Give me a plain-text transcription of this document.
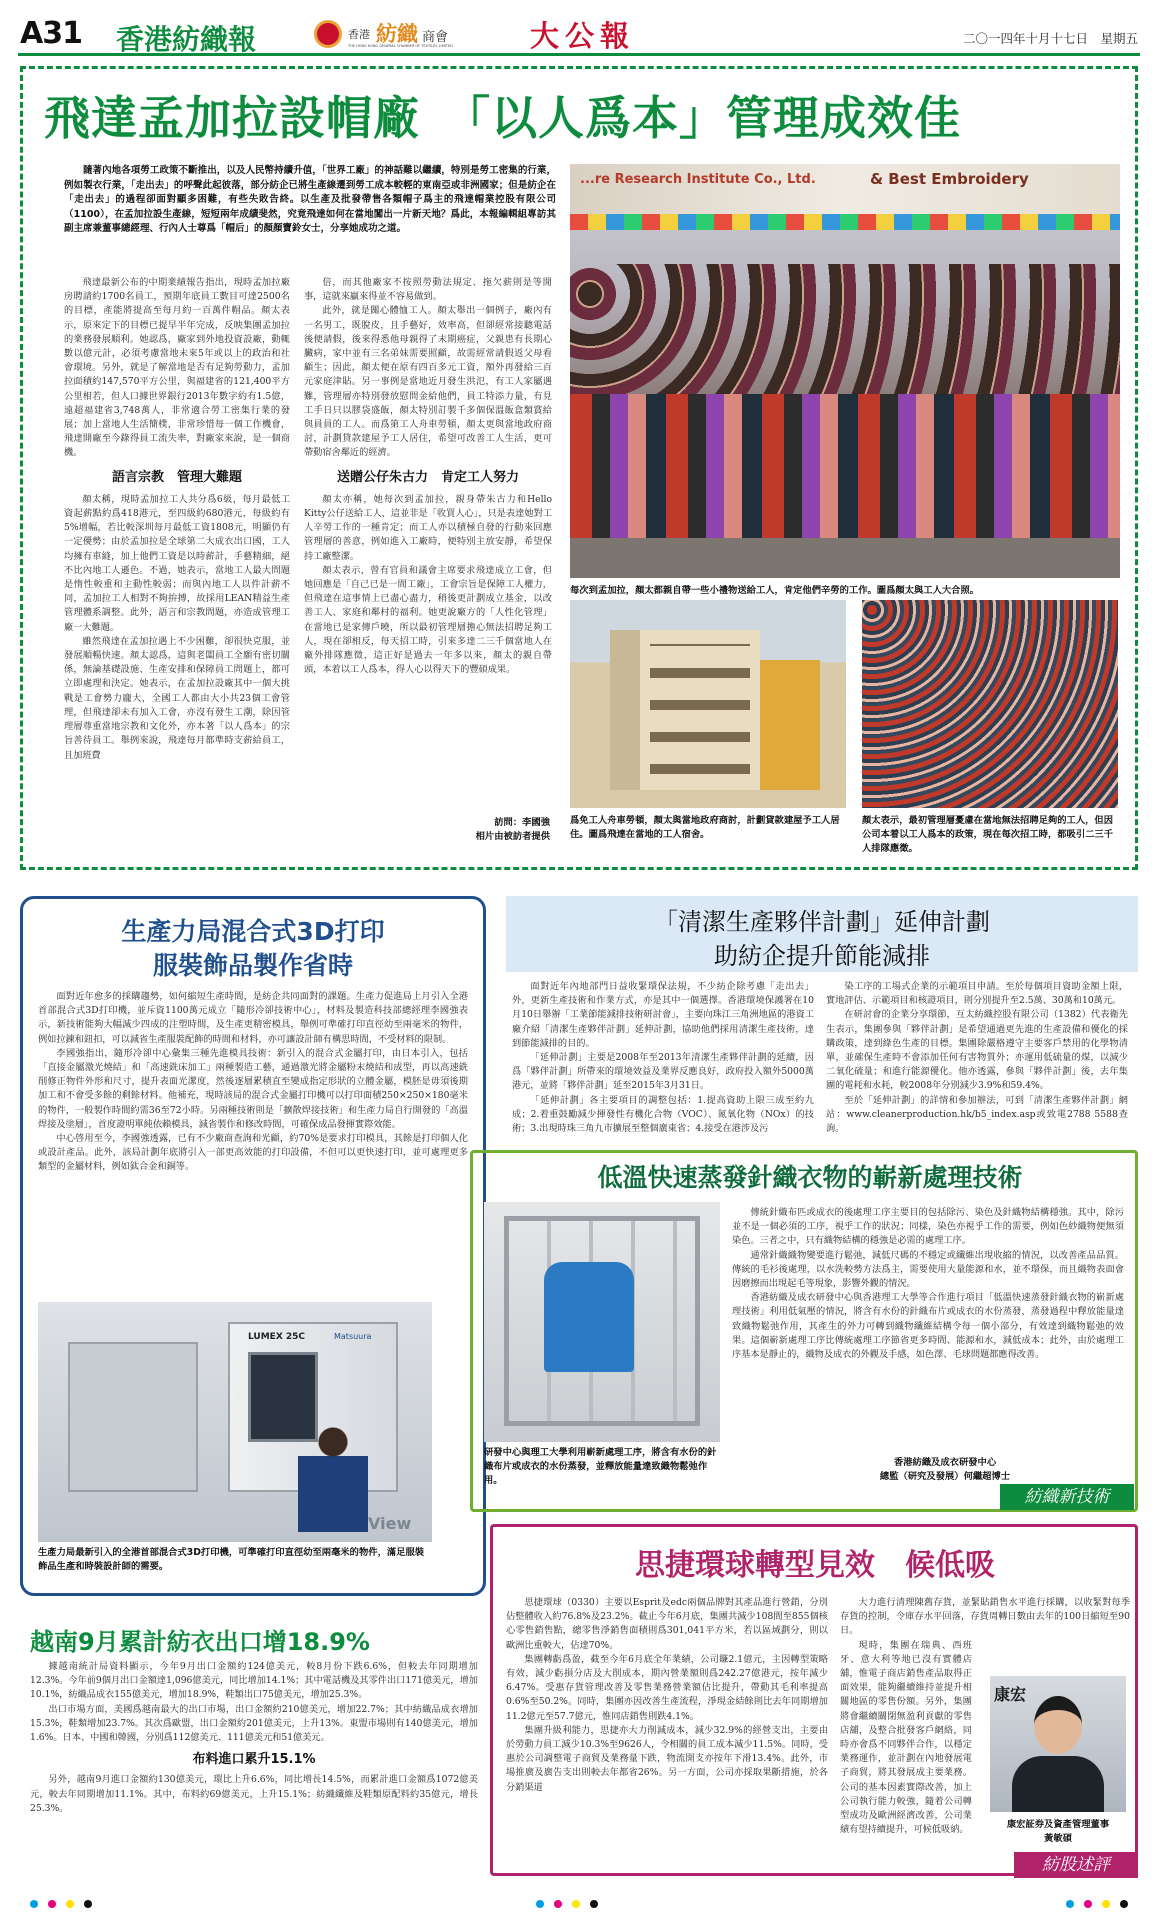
A31 香港紡織報	香港 紡織 商會
THE HONG KONG GENERAL CHAMBER OF TEXTILES LIMITED	大公報	二〇一四年十月十七日　星期五
飛達孟加拉設帽廠　「以人爲本」管理成效佳

隨著內地各項勞工政策不斷推出，以及人民幣持續升值，「世界工廠」的神話難以繼續，特別是勞工密集的行業，例如製衣行業，「走出去」的呼聲此起彼落，部分紡企已將生產線遷到勞工成本較輕的東南亞或非洲國家；但是紡企在「走出去」的過程卻面對顯多困難，有些失敗告終。以生產及批發帶售各類帽子爲主的飛達帽業控股有限公司（1100），在孟加拉設生產線，短短兩年成績斐然，究竟飛達如何在當地闖出一片新天地？爲此，本報編輯組專訪其副主席兼董事總經理、行內人士尊爲「帽后」的顏顏寶鈴女士，分享她成功之道。

飛達最新公布的中期業績報告指出，現時孟加拉廠房聘請約1700名員工，預期年底員工數目可達2500名的目標，產能將提高至每月約一百萬件帽品。顏太表示，原來定下的目標已提早半年完成，反映集團孟加拉的業務發展順利。她認爲，廠家到外地投資設廠，動輒數以億元計，必須考慮當地未來5年或以上的政治和社會環境。另外，就是了解當地是否有足夠勞動力，孟加拉面積約147,570平方公里，與福建省的121,400平方公里相若，但人口據世界銀行2013年數字約有1.5億，遠超福建省3,748萬人，非常適合勞工密集行業的發展；加上當地人生活簡樸，非常珍惜每一個工作機會，飛達開廠至今錄得員工流失率，對廠家來說，是一個商機。

語言宗教　管理大難題

顏太稱，現時孟加拉工人共分爲6級，每月最低工資起薪點約爲418港元，至四級約680港元，每級約有5%增幅，若比較深圳每月最低工資1808元，明顯仍有一定優勢；由於孟加拉是全球第二大成衣出口國，工人均擁有車縫，加上他們工資是以時薪計，手藝精細，絕不比內地工人遜色。不過，她表示，當地工人最大問題是惰性較重和主動性較弱；而與內地工人以件計薪不同，孟加拉工人相對不夠拚搏，故採用LEAN精益生產管理體系調整。此外，語言和宗教問題，亦造成管理工廠一大難題。

雖然飛達在孟加拉遇上不少困難，卻很快克服，並發展順暢快速。顏太認爲，這與老闆員工全願有密切關係，無論基礎設施、生產安排和保障員工問題上，都可立即處理和決定。她表示，在孟加拉設廠其中一個大挑戰是工會勢力龐大，全國工人都由大小共23個工會管理，但飛達卻未有加入工會，亦沒有發生工潮，除因管理層尊重當地宗教和文化外，亦本著「以人爲本」的宗旨善待員工。舉例來說，飛達每月都準時支薪給員工，且加班費

倍，而其他廠家不按照勞動法規定、拖欠薪則是等閒事，這就來贏來得並不容易做到。

此外，就是關心體恤工人。顏太舉出一個例子，廠內有一名男工，既脫皮，且手藝好，效率高，但卻經常接聽電話後便請假，後來得悉他母親得了末期癌症，父親患有長期心臟病，家中並有三名弟妹需要照顧，故需經常請假返父母看顧生；因此，顏太便在原有四百多元工資，額外再發給三百元家庭津貼。另一事例是當地近月發生洪氾，有工人家屬遇難，管理層亦特別發放慰問金給他們，員工特添力量，有見工手日只以膠袋盛飯，顏太特別訂製千多個保溫飯盒類賞給與員員的工人。而爲第工人舟車勞頓，顏太更與當地政府商討，計劃貸款建屋予工人居住，希望可改善工人生活，更可帶動宿舍鄰近的經濟。

送贈公仔朱古力　肯定工人努力

顏太亦稱，她每次到孟加拉，親身帶朱古力和Hello Kitty公仔送給工人，這並非是「收買人心」，只是表達她對工人辛勞工作的一種肯定；而工人亦以積極自發的行動來回應管理層的善意，例如進入工廠時，便特別主放安靜，希望保持工廠整潔。

顏太表示，曾有官員和議會主席要求飛達成立工會，但她回應是「自己已是一間工廠」，工會宗旨是保障工人權力，但飛達在這事情上已盡心盡力，稍後更計劃成立基金，以改善工人、家庭和鄰村的福利。她更說廠方的「人性化管理」在當地已是家傳戶曉，所以最初管理層擔心無法招聘足夠工人，現在卻相反，每天招工時，引來多達二三千個當地人在廠外排隊應徵，這正好是過去一年多以來，顏太的親自帶頭，本着以工人爲本，得人心以得天下的豐碩成果。

訪問：李國強
相片由被訪者提供
...re Research Institute Co., Ltd.	& Best Embroidery
每次到孟加拉，顏太都親自帶一些小禮物送給工人，肯定他們辛勞的工作。圖爲顏太與工人大合照。
爲免工人舟車勞頓，顏太與當地政府商討，計劃貸款建屋予工人居住。圖爲飛達在當地的工人宿舍。
顏太表示，最初管理層憂慮在當地無法招聘足夠的工人，但因公司本着以工人爲本的政策，現在每次招工時，都吸引二三千人排隊應徵。
生產力局混合式3D打印
服裝飾品製作省時

面對近年愈多的採購趨勢，如何縮短生產時間，是紡企共同面對的課題。生產力促進局上月引入全港首部混合式3D打印機，並斥資1100萬元成立「隨形冷卻技術中心」，材料及製造科技部總經理李國強表示，新技術能夠大幅減少四成的注塑時間，及生產更精密模具，舉例可準確打印直徑幼至兩毫米的物件，例如拉鍊和鈕扣，可以減省生產服裝配飾的時間和材料，亦可讓設計師有構思時間，不受材料的限制。

李國強指出，隨形冷卻中心彙集三種先進模具技術：新引入的混合式金屬打印，由日本引入，包括「直接金屬激光燒結」和「高速銑床加工」兩種製造工藝，通過激光將金屬粉末燒結和成型，再以高速銑削修正物件外形和尺寸，提升表面光潔度，然後逐層累積直至變成指定形狀的立體金屬，模胚是毋須後期加工和不會受多餘的剩餘材料。他補充，現時該局的混合式金屬打印機可以打印面積250×250×180毫米的物件，一般製作時間約需36至72小時。另兩種技術則是「擴散焊接技術」和生產力局自行開發的「高溫焊接及塗層」，首度證明單純依賴模具，減省製作和修改時間，可確保成品發揮實際效能。

中心啓用至今，李國強透露，已有不少廠商查詢和光顧，約70%是要求打印模具，其餘是打印個人化或設計產品。此外，該局計劃年底將引入一部更高效能的打印設備，不但可以更快速打印，並可處理更多類型的金屬材料，例如鈦合金和銅等。

LUMEX 25C	Matsuura
View
生產力局最新引入的全港首部混合式3D打印機，可準確打印直徑幼至兩毫米的物件，滿足服裝飾品生產和時裝設計師的需要。
越南9月累計紡衣出口增18.9%

據越南統計局資料顯示，今年9月出口金額約124億美元，較8月份下跌6.6%，但較去年同期增加12.3%。今年前9個月出口金額達1,096億美元，同比增加14.1%；其中電話機及其零件出口171億美元，增加10.1%，紡織品成衣155億美元，增加18.9%，鞋類出口75億美元，增加25.3%。

出口市場方面，美國爲越南最大的出口市場，出口金額約210億美元，增加22.7%；其中紡織品成衣增加15.3%，鞋類增加23.7%。其次爲歐盟，出口金額約201億美元，上升13%。東盟市場則有140億美元，增加1.6%。日本、中國和韓國，分別爲112億美元、111億美元和51億美元。

布料進口累升15.1%

另外，越南9月進口金額約130億美元，環比上升6.6%，同比增長14.5%，而累計進口金額爲1072億美元，較去年同期增加11.1%。其中，布料約69億美元，上升15.1%；紡織纖維及鞋類原配料約35億元，增長25.3%。

「清潔生產夥伴計劃」延伸計劃
助紡企提升節能減排

面對近年內地部門日益收緊環保法規，不少紡企除考慮「走出去」外，更新生產技術和作業方式，亦是其中一個選擇。香港環境保護署在10月10日舉辦「工業節能減排技術研討會」，主要向珠江三角洲地區的港資工廠介紹「清潔生產夥伴計劃」延伸計劃，協助他們採用清潔生產技術，達到節能減排的目的。

「延伸計劃」主要是2008年至2013年清潔生產夥伴計劃的延續，因爲「夥伴計劃」所帶來的環境效益及業界反應良好，政府投入額外5000萬港元，並將「夥伴計劃」延至2015年3月31日。

「延伸計劃」各主要項目的調整包括：1.提高資助上限三成至約九成；2.着重鼓勵減少揮發性有機化合物（VOC）、氮氧化物（NOx）的技術；3.出現時珠三角九市擴展至整個廣東省；4.接受在港涉及污

染工序的工場式企業的示範項目申請。至於每個項目資助金額上限，實地評估、示範項目和核證項目，則分別提升至2.5萬、30萬和10萬元。

在研討會的企業分享環節，互太紡織控股有限公司（1382）代表衛先生表示，集團參與「夥伴計劃」是希望通過更先進的生產設備和優化的採購政策，達到綠色生產的目標。集團除嚴格遵守主要客戶禁用的化學物清單，並確保生產時不會添加任何有害物質外；亦運用低硫量的煤，以減少二氧化硫量；和進行能源優化。他亦透露，參與「夥伴計劃」後，去年集團的電耗和水耗，較2008年分別減少3.9%和59.4%。

至於「延伸計劃」的詳情和參加辦法，可到「清潔生產夥伴計劃」網站：www.cleanerproduction.hk/b5_index.asp或致電2788 5588查詢。

低溫快速蒸發針織衣物的嶄新處理技術

傳統針織布匹或成衣的後處理工序主要目的包括除污、染色及針織物結構穩強。其中，除污並不是一個必須的工序，視乎工作的狀況；同樣，染色亦視乎工作的需要，例如色紗織物便無須染色。三者之中，只有織物結構的穩強是必需的處理工序。

通常針織織物變要進行鬆弛，減低尺碼的不穩定或纖維出現收縮的情況，以改善產品品質。傳統的毛衫後處理，以水洗較勢方法爲主，需要使用大量能源和水，並不環保，而且織物表面會因磨擦而出現起毛等現象，影響外觀的情況。

香港紡織及成衣研發中心與香港理工大學等合作進行項目「低溫快速蒸發針織衣物的嶄新處理技術」利用低氣壓的情況，將含有水份的針織布片或成衣的水份蒸發，蒸發過程中釋放能量達致織物鬆弛作用，其產生的外力可轉到織物纖維結構令每一個小部分，有效達到織物鬆弛的效果。這個嶄新處理工序比傳統處理工序節省更多時間、能源和水，減低成本；此外，由於處理工序基本是靜止的，織物及成衣的外觀及手感，如色澤、毛球問題都應得改善。

研發中心與理工大學利用嶄新處理工序，將含有水份的針織布片或成衣的水份蒸發，並釋放能量達致織物鬆弛作用。
香港紡織及成衣研發中心
總監（研究及發展）何繼超博士
紡織新技術
思捷環球轉型見效　候低吸

思捷環球（0330）主要以Esprit及edc兩個品牌對其產品進行營銷，分別佔整體收入約76.8%及23.2%。截止今年6月底，集團共減少108間至855個核心零售銷售點，總零售淨銷售面積則爲301,041平方米，若以區域劃分，則以歐洲比重較大，佔達70%。

集團轉虧爲盈，截至今年6月底全年業績，公司賺2.1億元，主因轉型策略有效，減少虧損分店及大削成本，期內營業額則爲242.27億港元，按年減少6.47%。受惠存貨管理改善及零售業務營業額佔比提升，帶動其毛利率提高0.6%至50.2%。同時，集團亦因改善生產流程，淨現金結餘則比去年同期增加11.2億元至57.7億元，惟同店銷售則跌4.1%。

集團升級利能力，思捷亦大力削減成本，減少32.9%的經營支出，主要由於勞動力員工減少10.3%至9626人，令相關的員工成本減少11.5%。同時，受惠於公司調整電子商貿及業務量下跌，物流開支亦按年下滑13.4%。此外，市場推廣及廣告支出則較去年都省26%。另一方面，公司亦採取果斷措施，於各分銷渠道

大力進行清理陳舊存貨，並緊貼銷售水平進行採購，以收緊對每季存貨的控制，令庫存水平回落，存貨周轉日數由去年的100日縮短至90日。

現時，集團在瑞典、西班牙、意大利等地已沒有實體店舖，惟電子商店銷售產品取得正面效果，能夠繼續維持並提升相關地區的零售份額。另外，集團將會繼續關閉無盈利貢獻的零售店舖，及整合批發客戶網絡，同時亦會爲不同夥伴合作，以穩定業務運作，並計劃在內地發展電子商貿，將其發展成主要業務。公司的基本因素實際改善，加上公司執行能力較強，隨着公司轉型成功及歐洲經濟改善，公司業績有望持續提升，可候低吸納。

康宏
康宏証券及資產管理董事
黃敏碩
紡股述評
